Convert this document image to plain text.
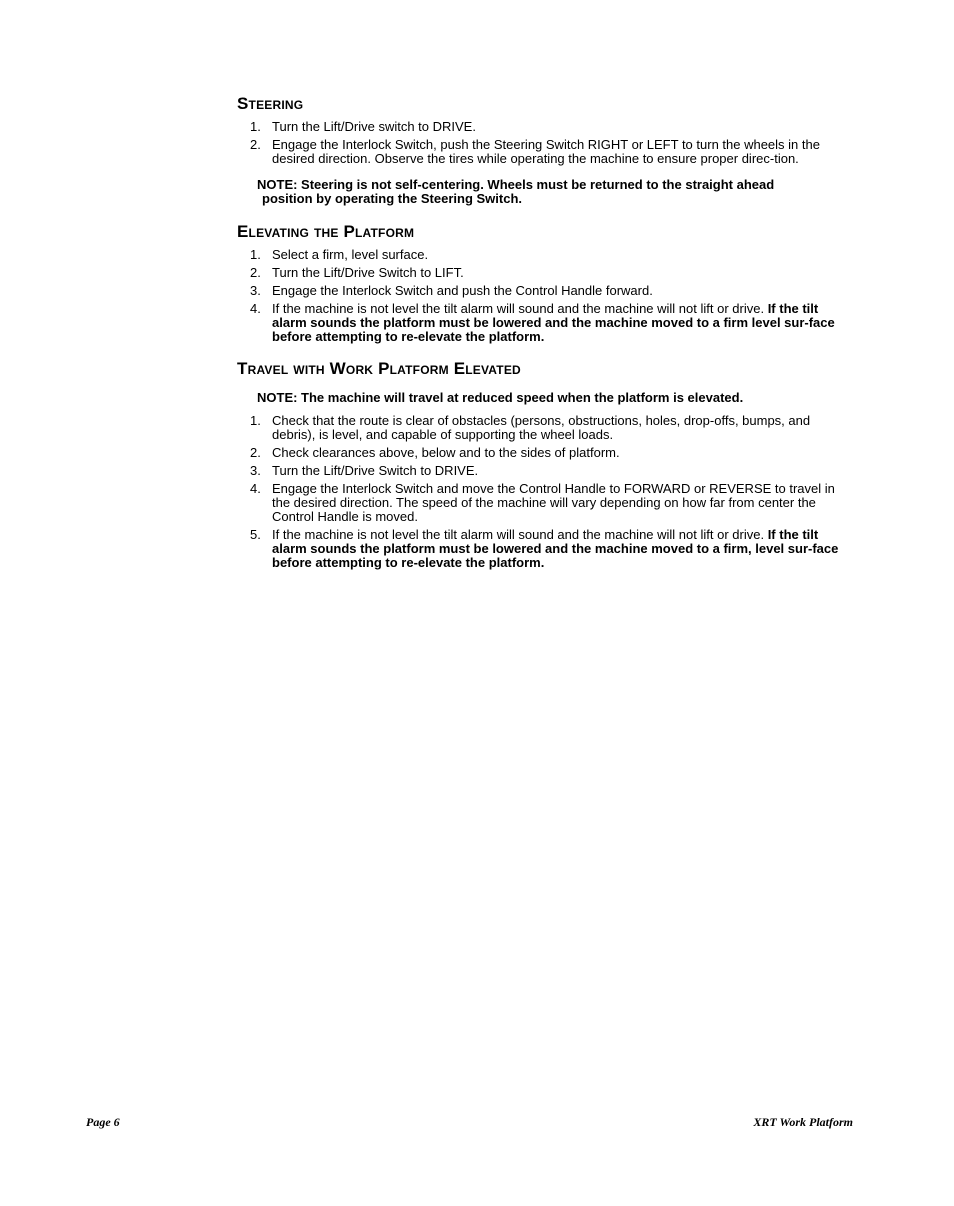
Steering
1. Turn the Lift/Drive switch to DRIVE.
2. Engage the Interlock Switch, push the Steering Switch RIGHT or LEFT to turn the wheels in the desired direction. Observe the tires while operating the machine to ensure proper direc-tion.
NOTE: Steering is not self-centering. Wheels must be returned to the straight ahead
position by operating the Steering Switch.
Elevating the Platform
1. Select a firm, level surface.
2. Turn the Lift/Drive Switch to LIFT.
3. Engage the Interlock Switch and push the Control Handle forward.
4. If the machine is not level the tilt alarm will sound and the machine will not lift or drive. If the tilt alarm sounds the platform must be lowered and the machine moved to a firm level sur-face before attempting to re-elevate the platform.
Travel with Work Platform Elevated
NOTE: The machine will travel at reduced speed when the platform is elevated.
1. Check that the route is clear of obstacles (persons, obstructions, holes, drop-offs, bumps, and debris), is level, and capable of supporting the wheel loads.
2. Check clearances above, below and to the sides of platform.
3. Turn the Lift/Drive Switch to DRIVE.
4. Engage the Interlock Switch and move the Control Handle to FORWARD or REVERSE to travel in the desired direction. The speed of the machine will vary depending on how far from center the Control Handle is moved.
5. If the machine is not level the tilt alarm will sound and the machine will not lift or drive. If the tilt alarm sounds the platform must be lowered and the machine moved to a firm, level sur-face before attempting to re-elevate the platform.
Page 6	XRT Work Platform
